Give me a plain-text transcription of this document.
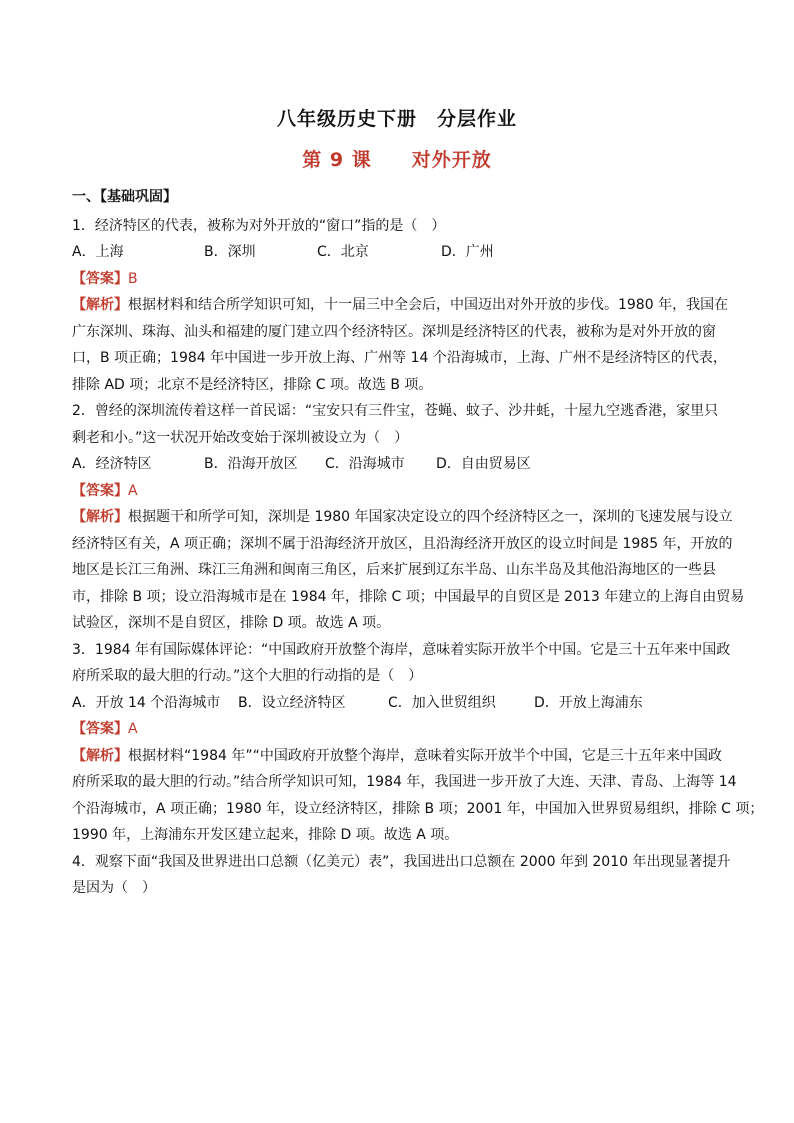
八年级历史下册　分层作业
第 9 课　　对外开放
一、【基础巩固】
1．经济特区的代表，被称为对外开放的“窗口”指的是（　）
A．上海	B．深圳	C．北京	D．广州
【答案】B
【解析】根据材料和结合所学知识可知，十一届三中全会后，中国迈出对外开放的步伐。1980 年，我国在
广东深圳、珠海、汕头和福建的厦门建立四个经济特区。深圳是经济特区的代表，被称为是对外开放的窗
口，B 项正确；1984 年中国进一步开放上海、广州等 14 个沿海城市，上海、广州不是经济特区的代表，
排除 AD 项；北京不是经济特区，排除 C 项。故选 B 项。
2．曾经的深圳流传着这样一首民谣：“宝安只有三件宝，苍蝇、蚊子、沙井蚝，十屋九空逃香港，家里只
剩老和小。”这一状况开始改变始于深圳被设立为（　）
A．经济特区	B．沿海开放区	C．沿海城市	D．自由贸易区
【答案】A
【解析】根据题干和所学可知，深圳是 1980 年国家决定设立的四个经济特区之一，深圳的飞速发展与设立
经济特区有关，A 项正确；深圳不属于沿海经济开放区，且沿海经济开放区的设立时间是 1985 年，开放的
地区是长江三角洲、珠江三角洲和闽南三角区，后来扩展到辽东半岛、山东半岛及其他沿海地区的一些县
市，排除 B 项；设立沿海城市是在 1984 年，排除 C 项；中国最早的自贸区是 2013 年建立的上海自由贸易
试验区，深圳不是自贸区，排除 D 项。故选 A 项。
3．1984 年有国际媒体评论：“中国政府开放整个海岸，意味着实际开放半个中国。它是三十五年来中国政
府所采取的最大胆的行动。”这个大胆的行动指的是（　）
A．开放 14 个沿海城市	B．设立经济特区	C．加入世贸组织	D．开放上海浦东
【答案】A
【解析】根据材料“1984 年”“中国政府开放整个海岸，意味着实际开放半个中国，它是三十五年来中国政
府所采取的最大胆的行动。”结合所学知识可知，1984 年，我国进一步开放了大连、天津、青岛、上海等 14
个沿海城市，A 项正确；1980 年，设立经济特区，排除 B 项；2001 年，中国加入世界贸易组织，排除 C 项；
1990 年，上海浦东开发区建立起来，排除 D 项。故选 A 项。
4．观察下面“我国及世界进出口总额（亿美元）表”，我国进出口总额在 2000 年到 2010 年出现显著提升
是因为（　）
